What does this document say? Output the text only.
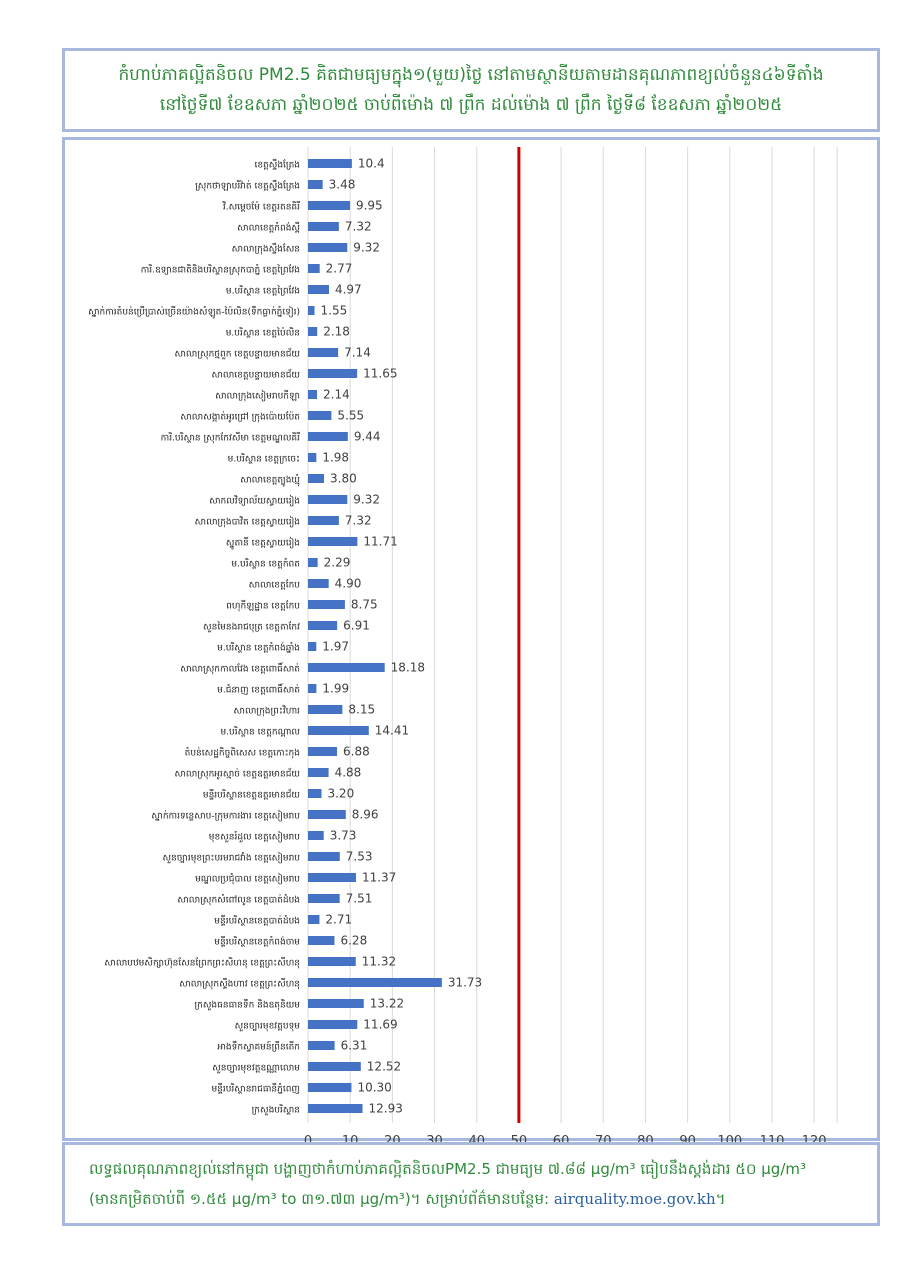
កំហាប់ភាគល្អិតនិចល PM2.5 គិតជាមធ្យមក្នុង១(មួយ)ថ្ងៃ នៅតាមស្ថានីយតាមដានគុណភាពខ្យល់ចំនួន៤៦ទីតាំង
នៅថ្ងៃទី៧ ខែឧសភា ឆ្នាំ២០២៥ ចាប់ពីម៉ោង ៧ ព្រឹក ដល់ម៉ោង ៧ ព្រឹក ថ្ងៃទី៨ ខែឧសភា ឆ្នាំ២០២៥
10.4
ខេត្តស្ទឹងត្រែង
3.48
ស្រុកថាឡាបរិវ៉ាត់ ខេត្តស្ទឹងត្រែង
9.95
វិ.សម្តេចម៉ែ ខេត្តរតនគិរី
7.32
សាលាខេត្តកំពង់ស្ពឺ
9.32
សាលាក្រុងស្ទឹងសែន
2.77
ការិ.ឧទ្យានជាតិនិងបរិស្ថានស្រុកបាភ្នំ ខេត្តព្រៃវែង
4.97
ម.បរិស្ថាន ខេត្តព្រៃវែង
1.55
ស្នាក់ការតំបន់ប្រើប្រាស់ច្រើនយ៉ាងសំឡូត-ប៉ៃលិន(ទឹកធ្លាក់ភ្នំទៀរ)
2.18
ម.បរិស្ថាន ខេត្តប៉ៃលិន
7.14
សាលាស្រុកថ្មពួក ខេត្តបន្ទាយមានជ័យ
11.65
សាលាខេត្តបន្ទាយមានជ័យ
2.14
សាលាក្រុងសៀមរាបកីឡា
5.55
សាលាសង្កាត់អូរជ្រៅ ក្រុងប៉ោយប៉ែត
9.44
ការិ.បរិស្ថាន ស្រុកកែវសីមា ខេត្តមណ្ឌលគិរី
1.98
ម.បរិស្ថាន ខេត្តក្រចេះ
3.80
សាលាខេត្តត្បូងឃ្មុំ
9.32
សាកលវិទ្យាល័យស្វាយរៀង
7.32
សាលាក្រុងបាវិត ខេត្តស្វាយរៀង
11.71
ស្នូតានី ខេត្តស្វាយរៀង
2.29
ម.បរិស្ថាន ខេត្តកំពត
4.90
សាលាខេត្តកែប
8.75
ពហុកីឡដ្ឋាន ខេត្តកែប
6.91
សួនមៃនងរាជបុត្រ ខេត្តតាកែវ
1.97
ម.បរិស្ថាន ខេត្តកំពង់ឆ្នាំង
18.18
សាលាស្រុកកាលវែង ខេត្តពោធិ៍សាត់
1.99
ម.ជំនាញ ខេត្តពោធិ៍សាត់
8.15
សាលាក្រុងព្រះវិហារ
14.41
ម.បរិស្ថាន ខេត្តកណ្ដាល
6.88
តំបន់សេដ្ឋកិច្ចពិសេស ខេត្តកោះកុង
4.88
សាលាស្រុកអូរស្មាច់ ខេត្តឧត្តរមានជ័យ
3.20
មន្ទីរបរិស្ថានខេត្តឧត្តរមានជ័យ
8.96
ស្នាក់ការទន្លេសាប-ក្រុមការងារ ខេត្តសៀមរាប
3.73
មុខសួនរំដួល ខេត្តសៀមរាប
7.53
សួនច្បារមុខព្រះបរមរាជវាំង ខេត្តសៀមរាប
11.37
មណ្ឌលប្រជុំបាល ខេត្តសៀមរាប
7.51
សាលាស្រុកសំពៅលូន ខេត្តបាត់ដំបង
2.71
មន្ទីរបរិស្ថានខេត្តបាត់ដំបង
6.28
មន្ទីរបរិស្ថានខេត្តកំពង់ចាម
11.32
សាលាបឋមសិក្សាហ៊ុនសែនព្រែកព្រះសិហនុ ខេត្តព្រះសីហនុ
31.73
សាលាស្រុកស្ទឹងហាវ ខេត្តព្រះសីហនុ
13.22
ក្រសួងធនធានទឹក និងឧតុនិយម
11.69
សួនច្បារមុខវត្តបទុម
6.31
អាងទឹកស្វាគមន៍ព្រីនតើក
12.52
សួនច្បារមុខវត្តឧណ្ណាលោម
10.30
មន្ទីរបរិស្ថានរាជធានីភ្នំពេញ
12.93
ក្រសួងបរិស្ថាន
លទ្ធផលគុណភាពខ្យល់នៅកម្ពុជា បង្ហាញថាកំហាប់ភាគល្អិតនិចលPM2.5 ជាមធ្យម ៧.៨៨ µg/m³ ធៀបនឹងស្តង់ដារ ៥០ µg/m³
(មានកម្រិតចាប់ពី ១.៥៥ µg/m³ to ៣១.៧៣ µg/m³)។ សម្រាប់ព័ត៌មានបន្ថែម: airquality.moe.gov.kh។
